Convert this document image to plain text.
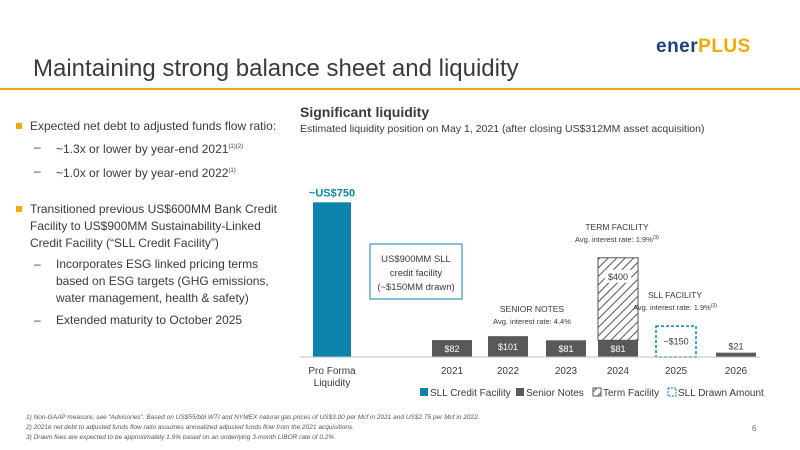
enerPLUS
Maintaining strong balance sheet and liquidity
Expected net debt to adjusted funds flow ratio:
– ~1.3x or lower by year-end $2021^{(1)(2)}$
– ~1.0x or lower by year-end 2022$^{(1)}$
Transitioned previous US$600MM Bank Credit Facility to US$900MM Sustainability-Linked Credit Facility (“SLL Credit Facility”)
– Incorporates ESG linked pricing terms based on ESG targets (GHG emissions, water management, health & safety)
– Extended maturity to October 2025
Significant liquidity
Estimated liquidity position on May 1, 2021 (after closing US$312MM asset acquisition)
~US$750
$82	$101	$81	$81
$400
~$150
$21
Pro Forma
Liquidity
2021	2022	2023	2024	2025	2026
US$900MM SLL
credit facility
(~$150MM drawn)
SENIOR NOTES
Avg. interest rate: 4.4%
TERM FACILITY
Avg. interest rate: 1.9%$^{(3)}$
SLL FACILITY
Avg. interest rate: 1.9%$^{(3)}$
SLL Credit Facility Senior Notes Term Facility SLL Drawn Amount
1) Non-GAAP measure, see “Advisories”. Based on US$55/bbl WTI and NYMEX natural gas prices of US$3.00 per Mcf in 2021 and US$2.75 per Mcf in 2022.
2) 2021e net debt to adjusted funds flow ratio assumes annualized adjusted funds flow from the 2021 acquisitions.
3) Drawn fees are expected to be approximately 1.9% based on an underlying 3-month LIBOR rate of 0.2%
6
